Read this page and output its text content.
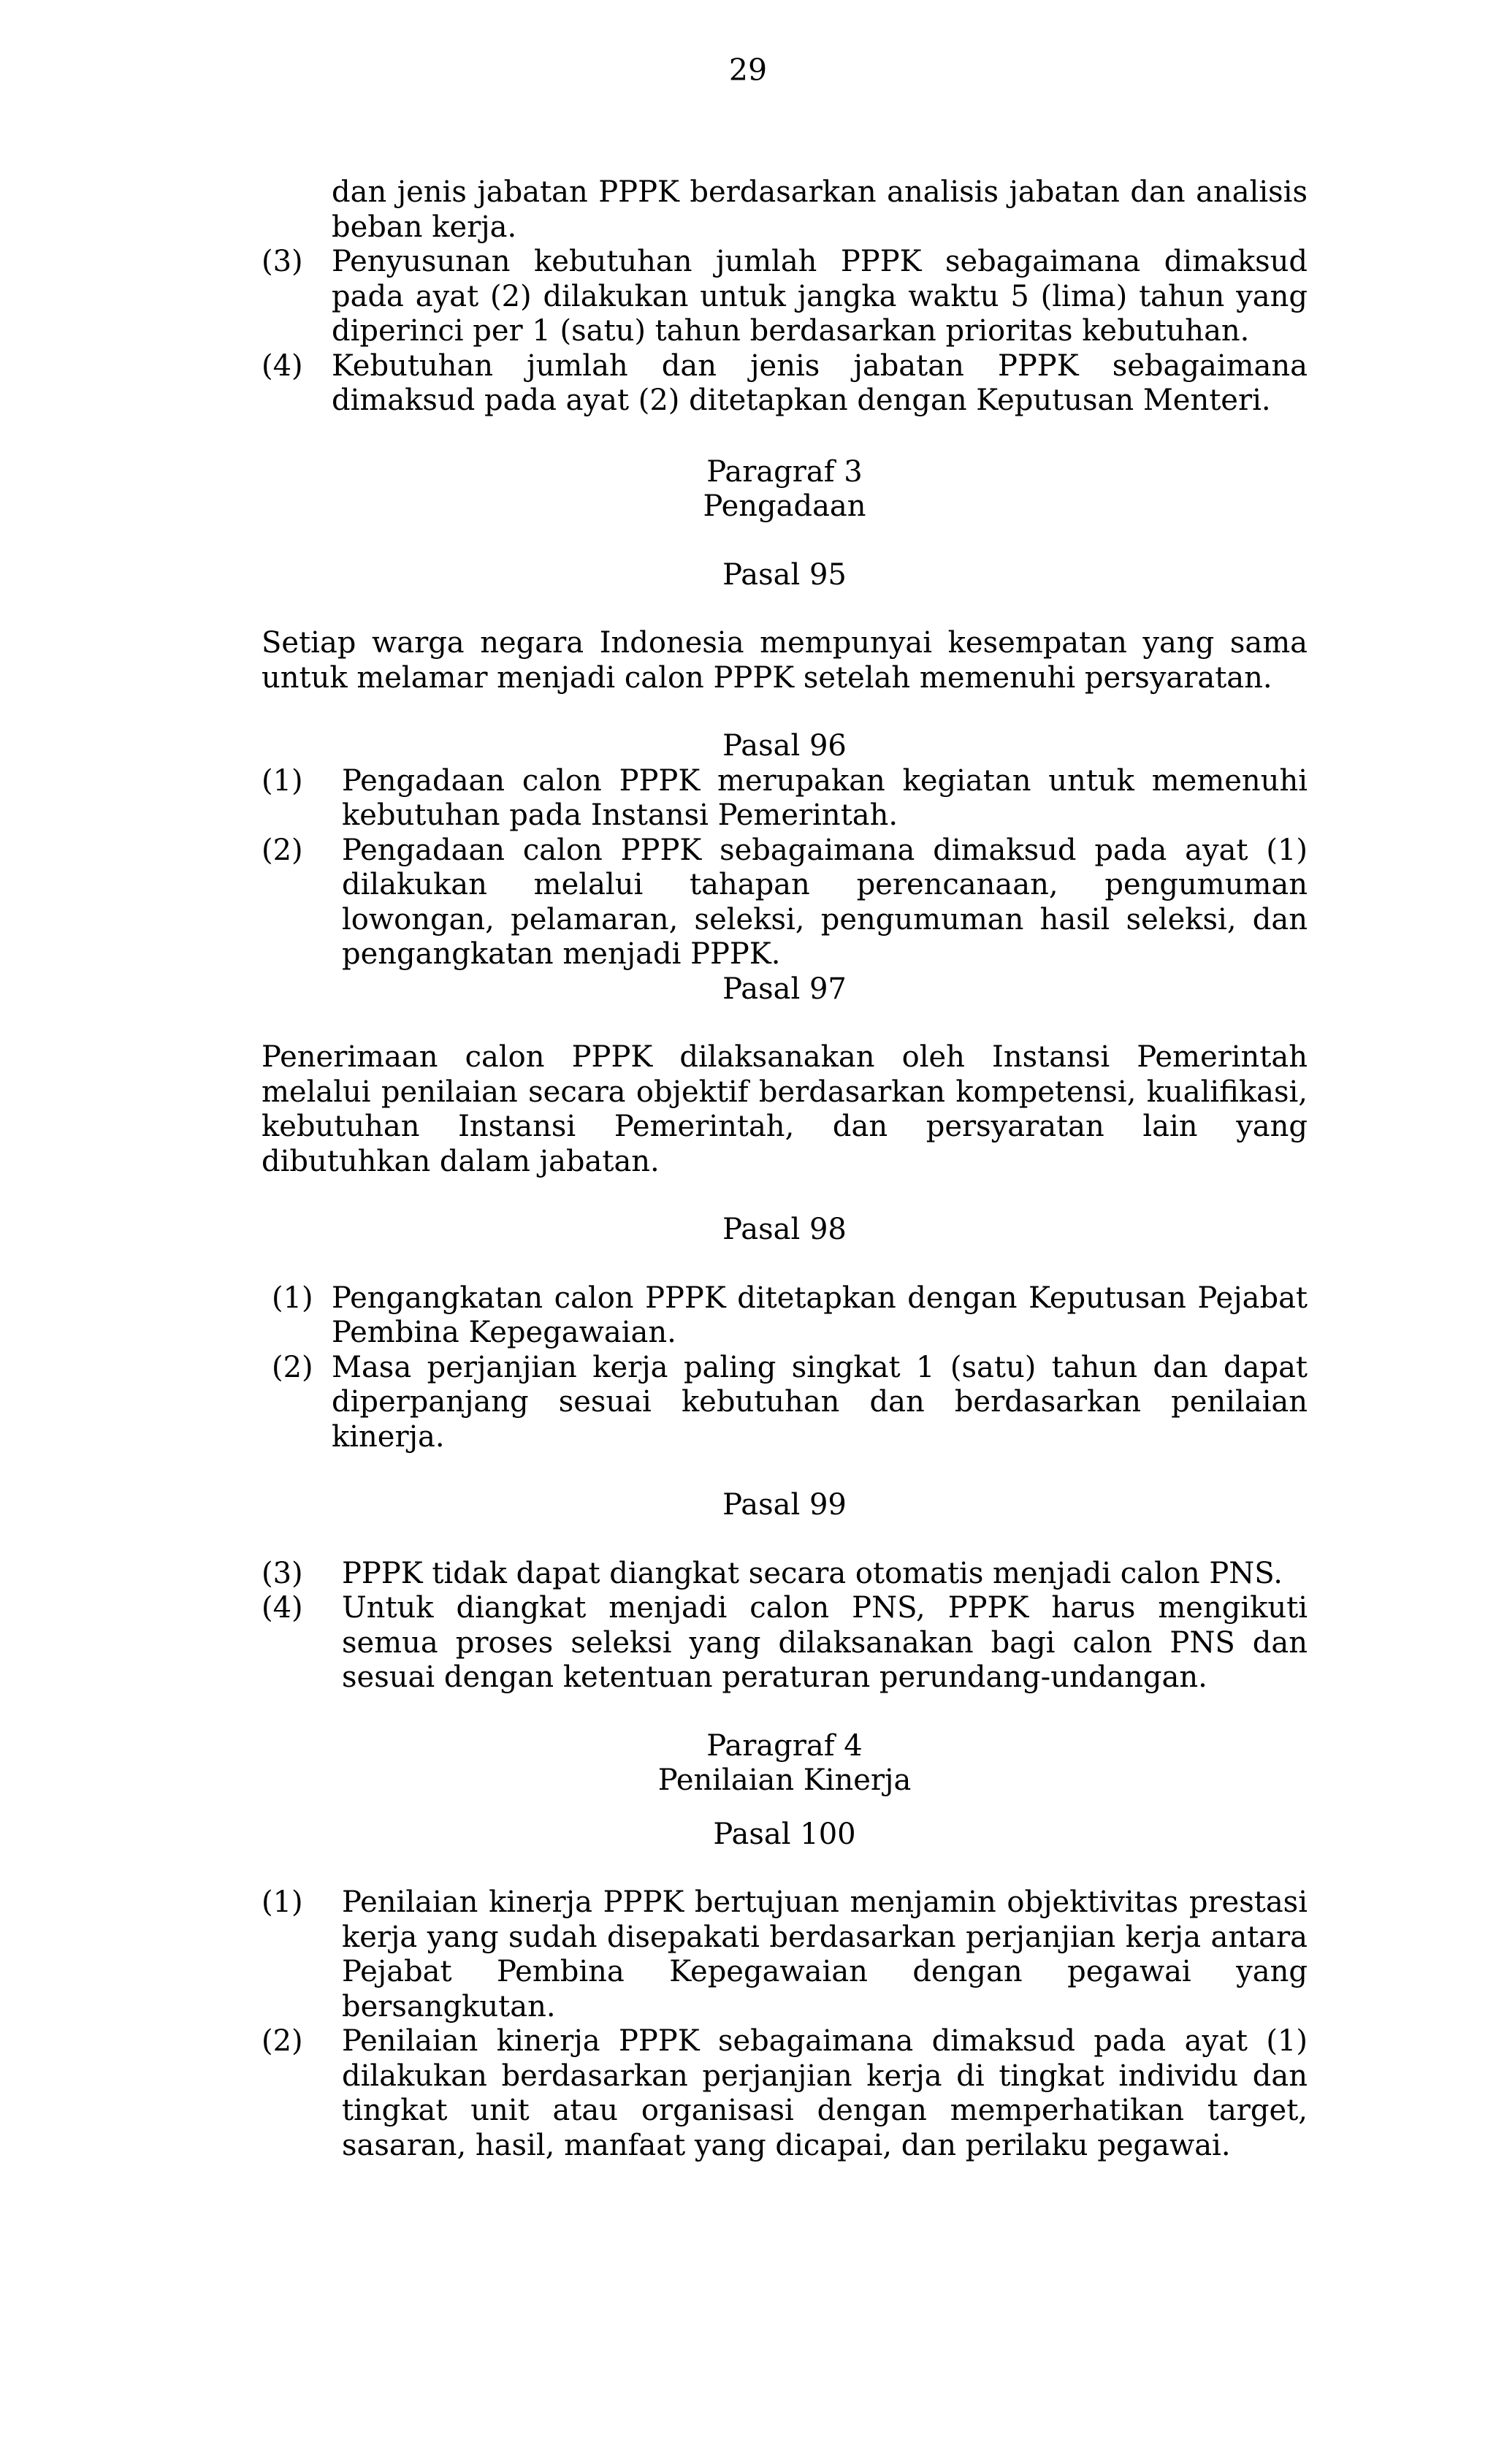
29

dan jenis jabatan PPPK berdasarkan analisis jabatan dan analisis beban kerja.

(3) Penyusunan kebutuhan jumlah PPPK sebagaimana dimaksud pada ayat (2) dilakukan untuk jangka waktu 5 (lima) tahun yang diperinci per 1 (satu) tahun berdasarkan prioritas kebutuhan.
(4) Kebutuhan jumlah dan jenis jabatan PPPK sebagaimana dimaksud pada ayat (2) ditetapkan dengan Keputusan Menteri.

Paragraf 3

Pengadaan

Pasal 95

Setiap warga negara Indonesia mempunyai kesempatan yang sama untuk melamar menjadi calon PPPK setelah memenuhi persyaratan.

Pasal 96

(1) Pengadaan calon PPPK merupakan kegiatan untuk memenuhi kebutuhan pada Instansi Pemerintah.
(2) Pengadaan calon PPPK sebagaimana dimaksud pada ayat (1) dilakukan melalui tahapan perencanaan, pengumuman lowongan, pelamaran, seleksi, pengumuman hasil seleksi, dan pengangkatan menjadi PPPK.

Pasal 97

Penerimaan calon PPPK dilaksanakan oleh Instansi Pemerintah melalui penilaian secara objektif berdasarkan kompetensi, kualifikasi, kebutuhan Instansi Pemerintah, dan persyaratan lain yang dibutuhkan dalam jabatan.

Pasal 98

(1) Pengangkatan calon PPPK ditetapkan dengan Keputusan Pejabat Pembina Kepegawaian.
(2) Masa perjanjian kerja paling singkat 1 (satu) tahun dan dapat diperpanjang sesuai kebutuhan dan berdasarkan penilaian kinerja.

Pasal 99

(3) PPPK tidak dapat diangkat secara otomatis menjadi calon PNS.
(4) Untuk diangkat menjadi calon PNS, PPPK harus mengikuti semua proses seleksi yang dilaksanakan bagi calon PNS dan sesuai dengan ketentuan peraturan perundang-undangan.

Paragraf 4

Penilaian Kinerja

Pasal 100

(1) Penilaian kinerja PPPK bertujuan menjamin objektivitas prestasi kerja yang sudah disepakati berdasarkan perjanjian kerja antara Pejabat Pembina Kepegawaian dengan pegawai yang bersangkutan.
(2) Penilaian kinerja PPPK sebagaimana dimaksud pada ayat (1) dilakukan berdasarkan perjanjian kerja di tingkat individu dan tingkat unit atau organisasi dengan memperhatikan target, sasaran, hasil, manfaat yang dicapai, dan perilaku pegawai.
